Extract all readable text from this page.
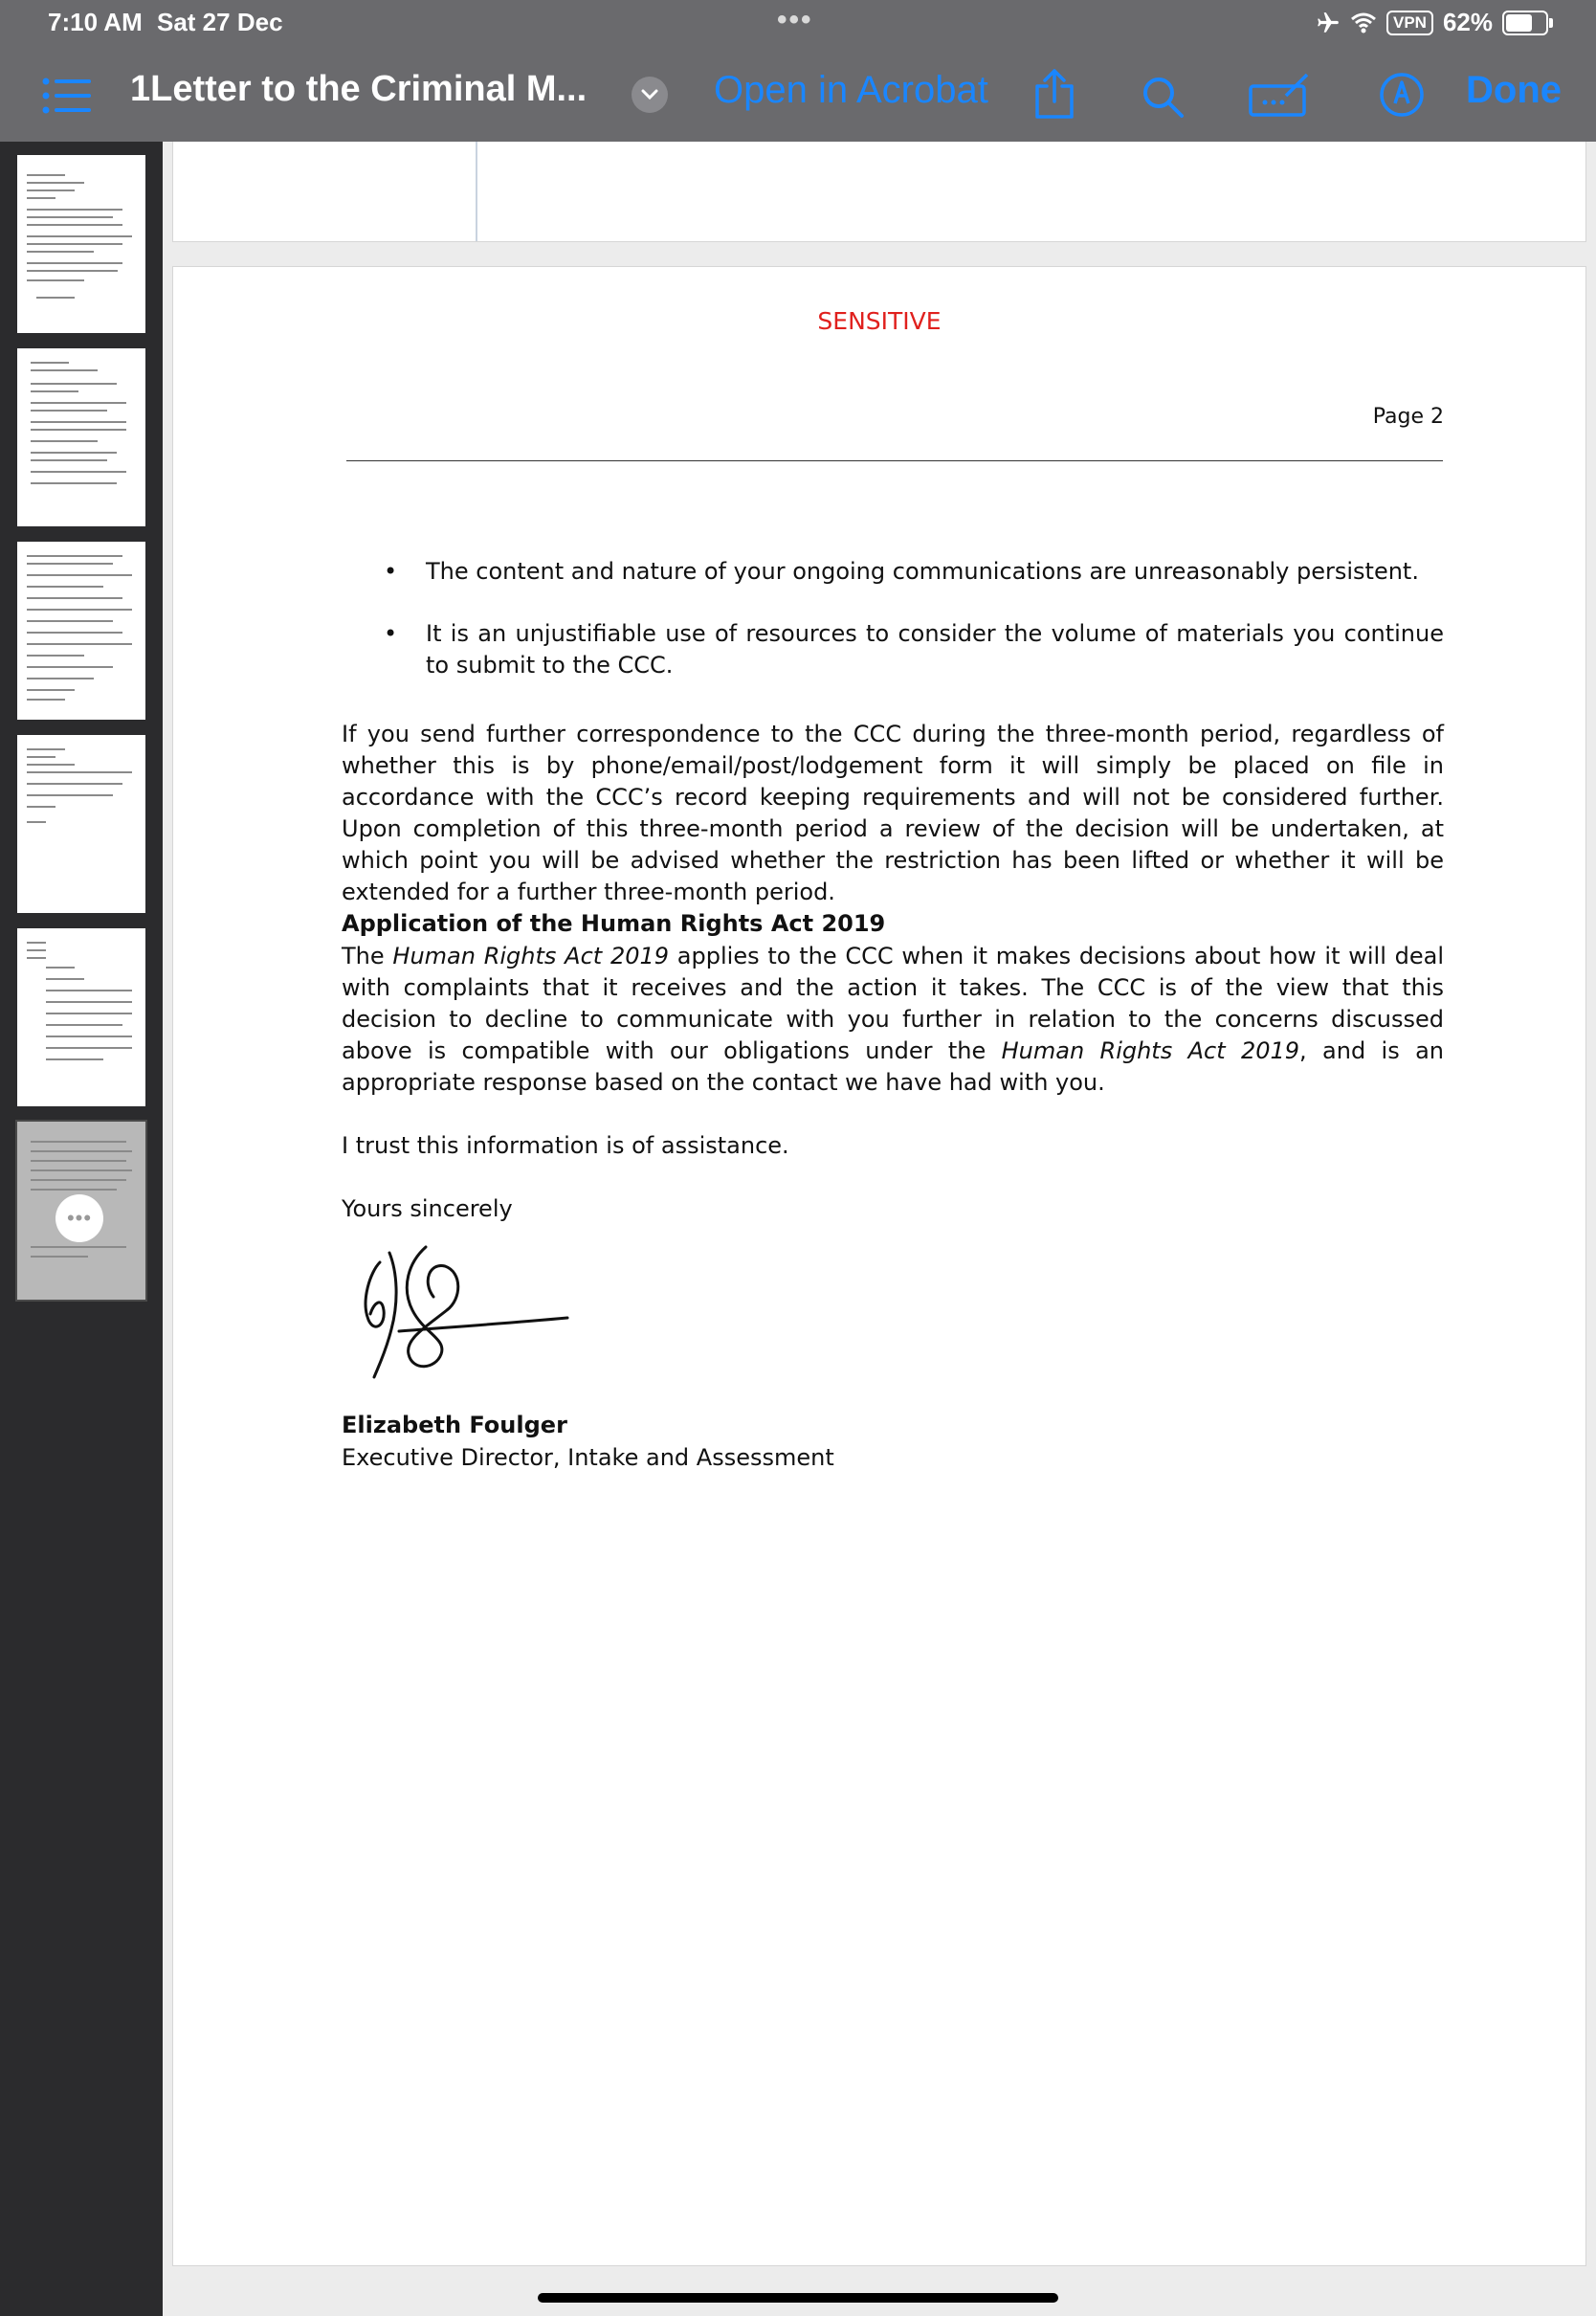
7:10 AM Sat 27 Dec	•••	VPN 62%
1Letter to the Criminal M...	Open in Acrobat	Done
•••
SENSITIVE
Page 2
• The content and nature of your ongoing communications are unreasonably persistent.
• It is an unjustifiable use of resources to consider the volume of materials you continue to submit to the CCC.
If you send further correspondence to the CCC during the three-month period, regardless of whether this is by phone/email/post/lodgement form it will simply be placed on file in accordance with the CCC’s record keeping requirements and will not be considered further. Upon completion of this three-month period a review of the decision will be undertaken, at which point you will be advised whether the restriction has been lifted or whether it will be extended for a further three-month period.
Application of the Human Rights Act 2019
The Human Rights Act 2019 applies to the CCC when it makes decisions about how it will deal with complaints that it receives and the action it takes. The CCC is of the view that this decision to decline to communicate with you further in relation to the concerns discussed above is compatible with our obligations under the Human Rights Act 2019, and is an appropriate response based on the contact we have had with you.
I trust this information is of assistance.
Yours sincerely
Elizabeth Foulger
Executive Director, Intake and Assessment
